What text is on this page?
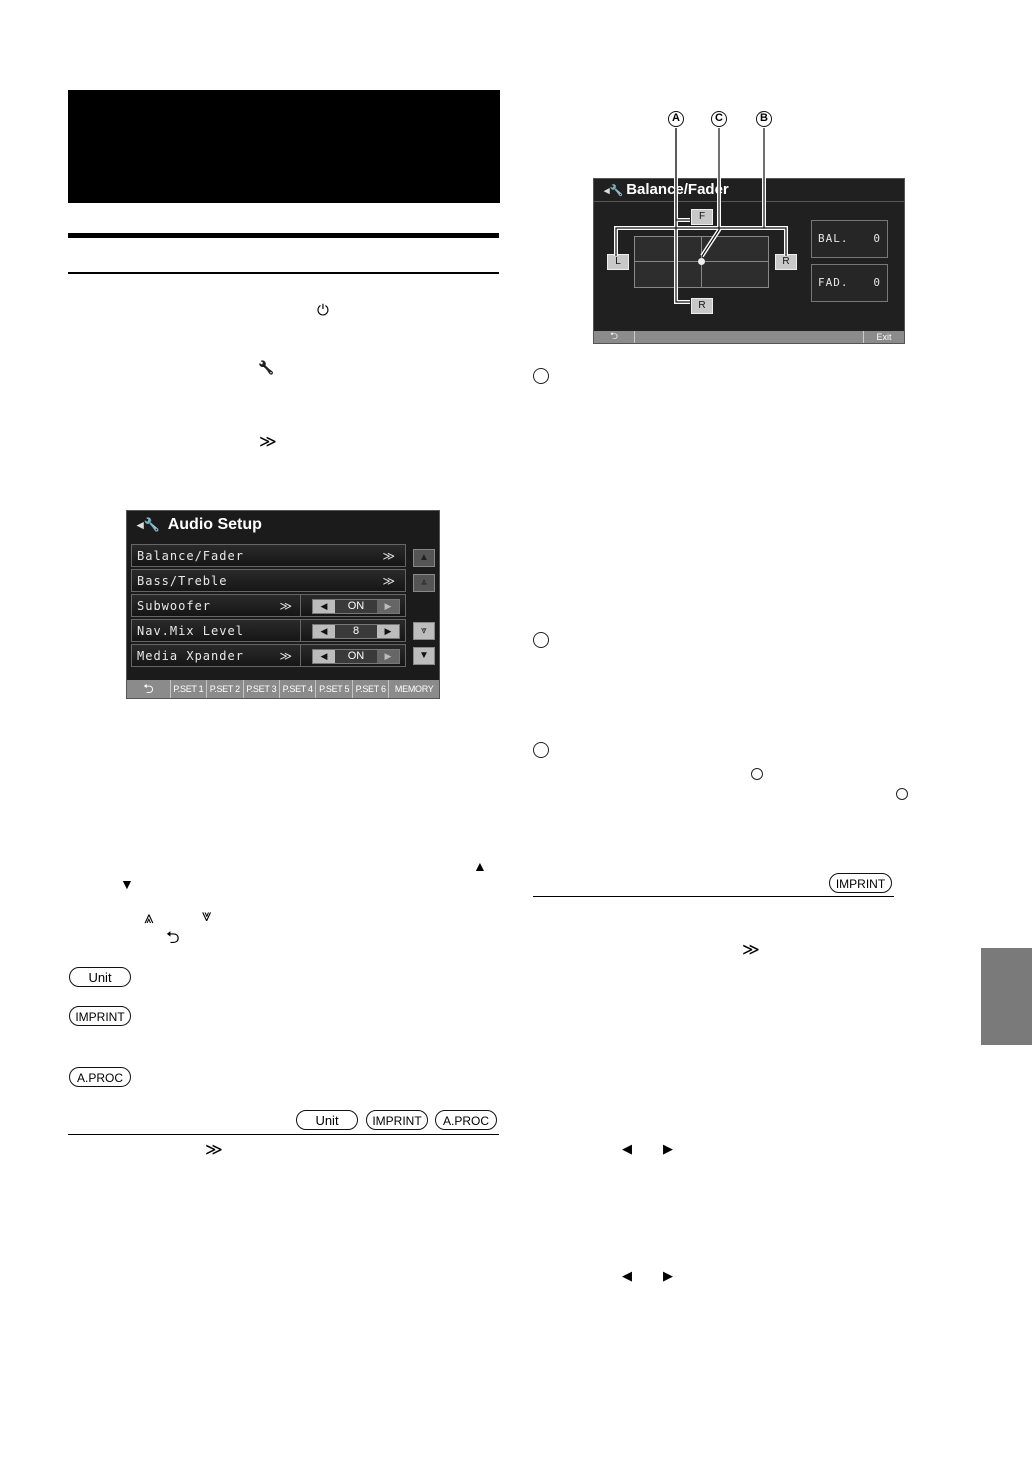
⏻
🔧
≫
◂🔧 Audio Setup
Balance/Fader	≫
Bass/Treble	≫
Subwoofer	≫	◀	ON	▶
Nav.Mix Level	◀	8	▶
Media Xpander	≫	◀	ON	▶
▲
⩓
⩔
▼
⮌	P.SET 1 P.SET 2 P.SET 3 P.SET 4 P.SET 5 P.SET 6	MEMORY
▲
▼
⩓	⩔
⮌
Unit
IMPRINT
A.PROC
Unit	IMPRINT	A.PROC
≫
A	C	B
◂🔧 Balance/Fader
F
R
L	R
BAL. 0
FAD. 0
⮌	Exit
IMPRINT
≫
◀ ▶
◀ ▶
